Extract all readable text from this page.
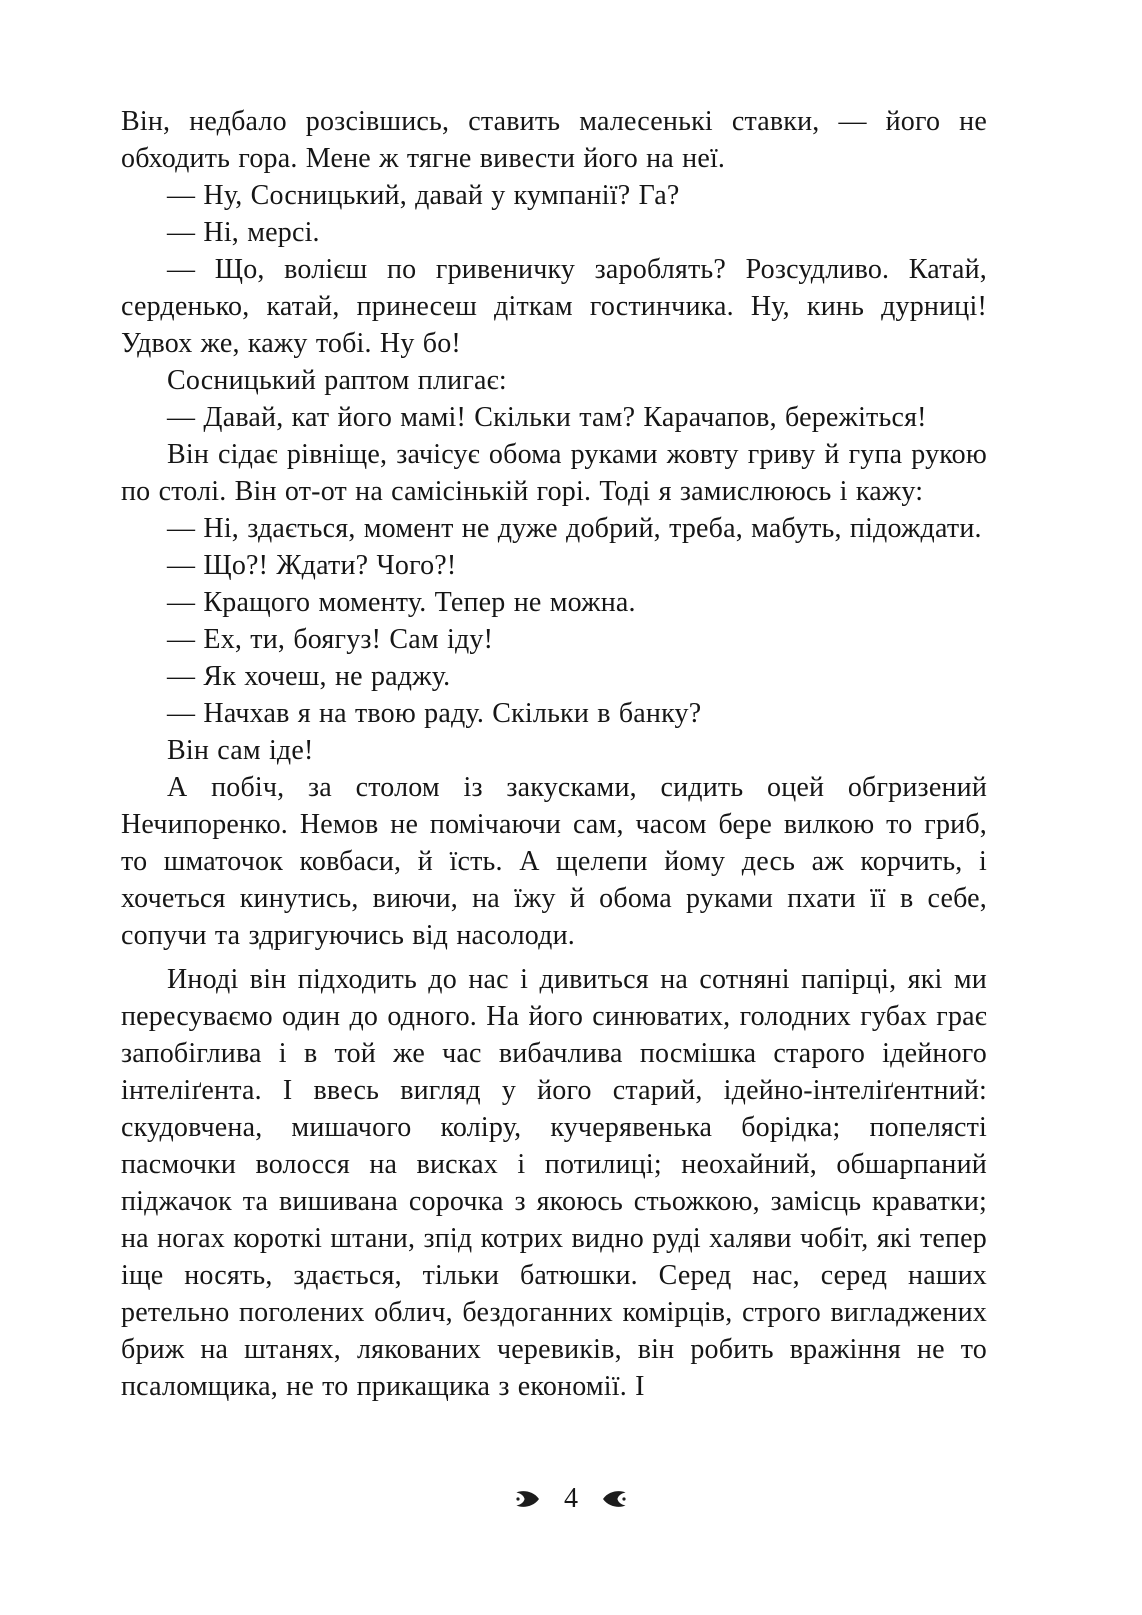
Він, недбало розсівшись, ставить малесенькі ставки, — його не обходить гора. Мене ж тягне вивести його на неї.

— Ну, Сосницький, давай у кумпанії? Га?

— Ні, мерсі.

— Що, волієш по гривеничку зароблять? Розсудливо. Катай, серденько, катай, принесеш діткам гостинчика. Ну, кинь дурниці! Удвох же, кажу тобі. Ну бо!

Сосницький раптом плигає:

— Давай, кат його мамі! Скільки там? Карачапов, бережіться!

Він сідає рівніще, зачісує обома руками жовту гриву й гупа рукою по столі. Він от-от на самісінькій горі. Тоді я замислююсь і кажу:

— Ні, здається, момент не дуже добрий, треба, мабуть, підождати.

— Що?! Ждати? Чого?!

— Кращого моменту. Тепер не можна.

— Ех, ти, боягуз! Сам іду!

— Як хочеш, не раджу.

— Начхав я на твою раду. Скільки в банку?

Він сам іде!

А побіч, за столом із закусками, сидить оцей обгризений Нечипоренко. Немов не помічаючи сам, часом бере вилкою то гриб, то шматочок ковбаси, й їсть. А щелепи йому десь аж корчить, і хочеться кинутись, виючи, на їжу й обома руками пхати її в себе, сопучи та здригуючись від насолоди.

Иноді він підходить до нас і дивиться на сотняні папірці, які ми пересуваємо один до одного. На його синюватих, голодних губах грає запобіглива і в той же час вибачлива посмішка старого ідейного інтеліґента. І ввесь вигляд у його старий, ідейно-інтеліґентний: скудовчена, мишачого коліру, кучерявенька борідка; попелясті пасмочки волосся на висках і потилиці; неохайний, обшарпаний піджачок та вишивана сорочка з якоюсь стьожкою, замісць краватки; на ногах короткі штани, зпід котрих видно руді халяви чобіт, які тепер іще носять, здається, тільки батюшки. Серед нас, серед наших ретельно поголених облич, бездоганних комірців, строго вигладжених бриж на штанях, лякованих черевиків, він робить вражіння не то псаломщика, не то прикащика з економії. І

4
